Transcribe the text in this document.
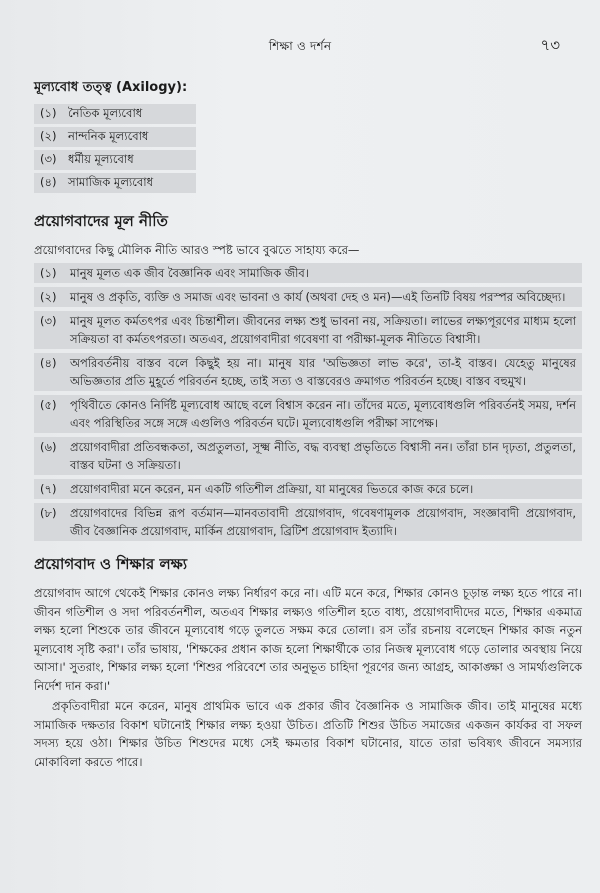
শিক্ষা ও দর্শন	৭৩
মূল্যবোধ তত্ত্ব (Axilogy):
(১)	নৈতিক মূল্যবোধ
(২)	নান্দনিক মূল্যবোধ
(৩)	ধর্মীয় মূল্যবোধ
(৪)	সামাজিক মূল্যবোধ
প্রয়োগবাদের মূল নীতি

প্রয়োগবাদের কিছু মৌলিক নীতি আরও স্পষ্ট ভাবে বুঝতে সাহায্য করে—

(১)	মানুষ মূলত এক জীব বৈজ্ঞানিক এবং সামাজিক জীব।
(২)	মানুষ ও প্রকৃতি, ব্যক্তি ও সমাজ এবং ভাবনা ও কার্য (অথবা দেহ ও মন)—এই তিনটি বিষয় পরস্পর অবিচ্ছেদ্য।
(৩)	মানুষ মূলত কর্মতৎপর এবং চিন্তাশীল। জীবনের লক্ষ্য শুধু ভাবনা নয়, সক্রিয়তা। লাভের লক্ষ্যপূরণের মাধ্যম হলো সক্রিয়তা বা কর্মতৎপরতা। অতএব, প্রয়োগবাদীরা গবেষণা বা পরীক্ষা-মূলক নীতিতে বিশ্বাসী।
(৪)	অপরিবর্তনীয় বাস্তব বলে কিছুই হয় না। মানুষ যার 'অভিজ্ঞতা লাভ করে', তা-ই বাস্তব। যেহেতু মানুষের অভিজ্ঞতার প্রতি মুহূর্তে পরিবর্তন হচ্ছে, তাই সত্য ও বাস্তবেরও ক্রমাগত পরিবর্তন হচ্ছে। বাস্তব বহুমুখ।
(৫)	পৃথিবীতে কোনও নির্দিষ্ট মূল্যবোধ আছে বলে বিশ্বাস করেন না। তাঁদের মতে, মূল্যবোধগুলি পরিবর্তনই সময়, দর্শন এবং পরিস্থিতির সঙ্গে সঙ্গে এগুলিও পরিবর্তন ঘটে। মূল্যবোধগুলি পরীক্ষা সাপেক্ষ।
(৬)	প্রয়োগবাদীরা প্রতিবন্ধকতা, অপ্রতুলতা, সূক্ষ্ম নীতি, বদ্ধ ব্যবস্থা প্রভৃতিতে বিশ্বাসী নন। তাঁরা চান দৃঢ়তা, প্রতুলতা, বাস্তব ঘটনা ও সক্রিয়তা।
(৭)	প্রয়োগবাদীরা মনে করেন, মন একটি গতিশীল প্রক্রিয়া, যা মানুষের ভিতরে কাজ করে চলে।
(৮)	প্রয়োগবাদের বিভিন্ন রূপ বর্তমান—মানবতাবাদী প্রয়োগবাদ, গবেষণামূলক প্রয়োগবাদ, সংজ্ঞাবাদী প্রয়োগবাদ, জীব বৈজ্ঞানিক প্রয়োগবাদ, মার্কিন প্রয়োগবাদ, ব্রিটিশ প্রয়োগবাদ ইত্যাদি।
প্রয়োগবাদ ও শিক্ষার লক্ষ্য

প্রয়োগবাদ আগে থেকেই শিক্ষার কোনও লক্ষ্য নির্ধারণ করে না। এটি মনে করে, শিক্ষার কোনও চূড়ান্ত লক্ষ্য হতে পারে না। জীবন গতিশীল ও সদা পরিবর্তনশীল, অতএব শিক্ষার লক্ষ্যও গতিশীল হতে বাধ্য, প্রয়োগবাদীদের মতে, শিক্ষার একমাত্র লক্ষ্য হলো শিশুকে তার জীবনে মূল্যবোধ গড়ে তুলতে সক্ষম করে তোলা। রস তাঁর রচনায় বলেছেন শিক্ষার কাজ নতুন মূল্যবোধ সৃষ্টি করা'। তাঁর ভাষায়, 'শিক্ষকের প্রধান কাজ হলো শিক্ষার্থীকে তার নিজস্ব মূল্যবোধ গড়ে তোলার অবস্থায় নিয়ে আসা।' সুতরাং, শিক্ষার লক্ষ্য হলো 'শিশুর পরিবেশে তার অনুভূত চাহিদা পূরণের জন্য আগ্রহ, আকাঙ্ক্ষা ও সামর্থ্যগুলিকে নির্দেশ দান করা।'

প্রকৃতিবাদীরা মনে করেন, মানুষ প্রাথমিক ভাবে এক প্রকার জীব বৈজ্ঞানিক ও সামাজিক জীব। তাই মানুষের মধ্যে সামাজিক দক্ষতার বিকাশ ঘটানোই শিক্ষার লক্ষ্য হওয়া উচিত। প্রতিটি শিশুর উচিত সমাজের একজন কার্যকর বা সফল সদস্য হয়ে ওঠা। শিক্ষার উচিত শিশুদের মধ্যে সেই ক্ষমতার বিকাশ ঘটানোর, যাতে তারা ভবিষ্যৎ জীবনে সমস্যার মোকাবিলা করতে পারে।
